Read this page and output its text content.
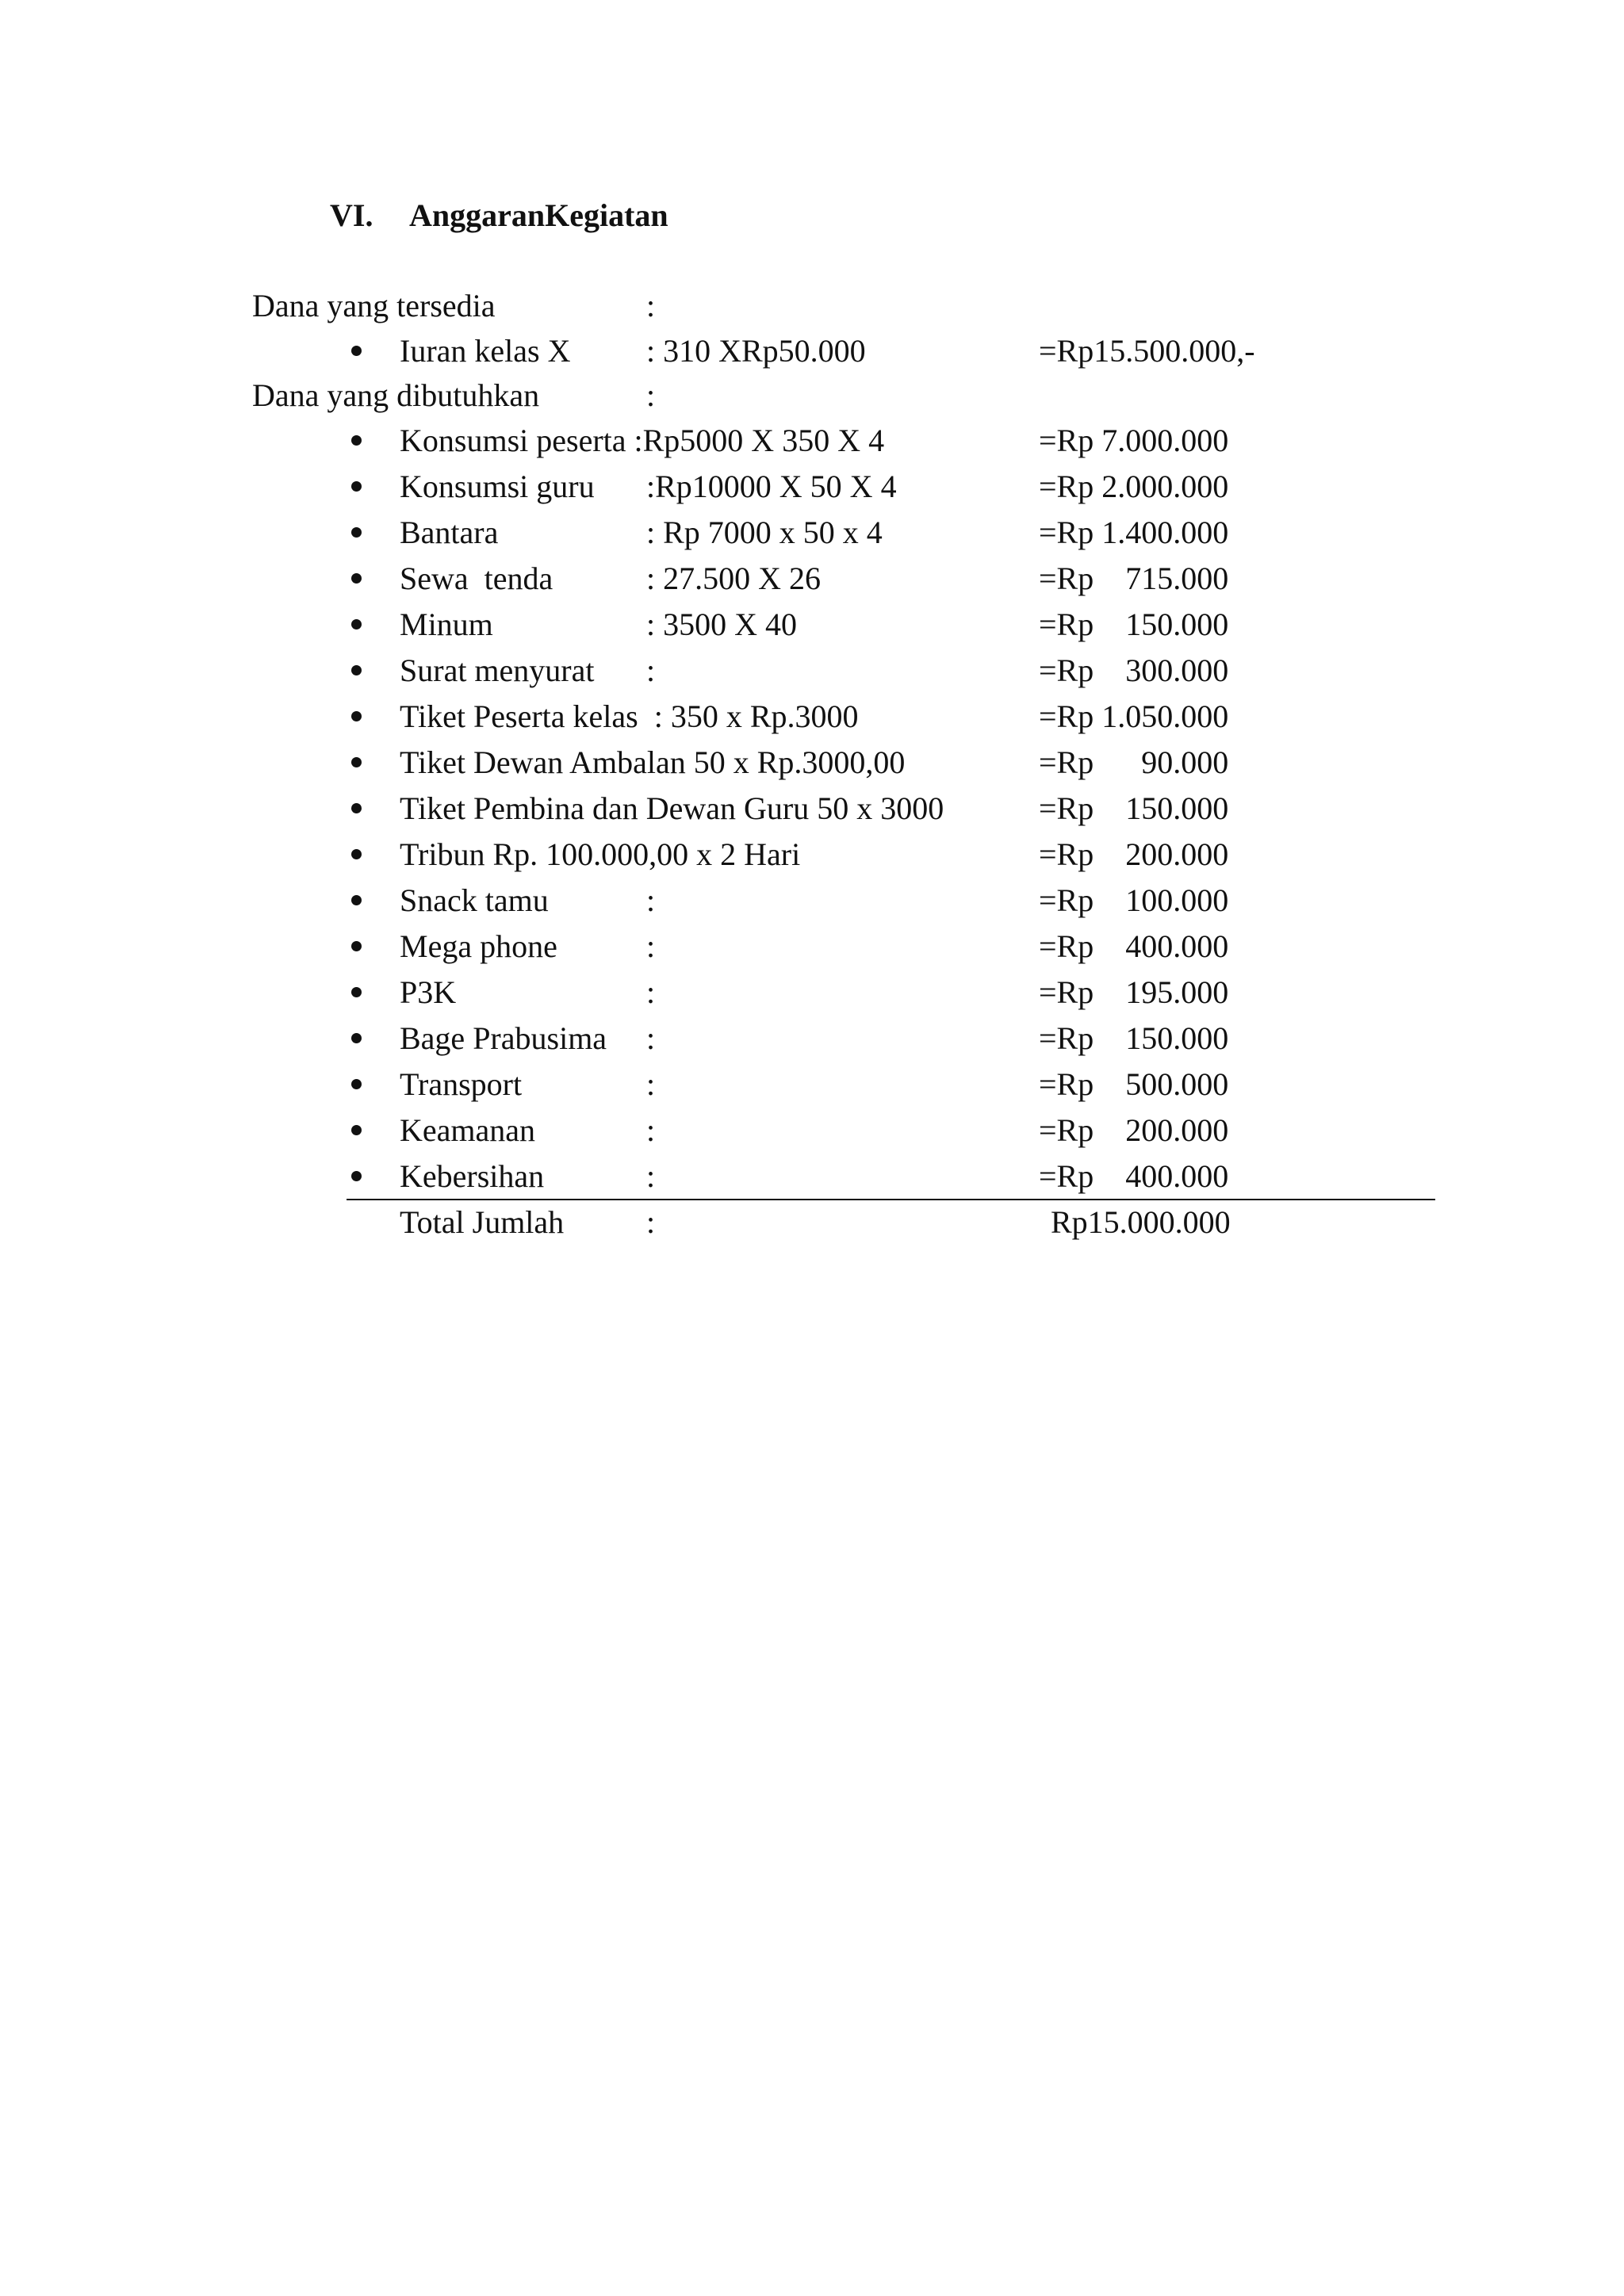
VI. AnggaranKegiatan
Dana yang tersedia	:
Iuran kelas X : 310 XRp50.000	=Rp15.500.000,-
Dana yang dibutuhkan	:
Konsumsi peserta :Rp5000 X 350 X 4	=Rp 7.000.000
Konsumsi guru :Rp10000 X 50 X 4	=Rp 2.000.000
Bantara	: Rp 7000 x 50 x 4	=Rp 1.400.000
Sewa  tenda	: 27.500 X 26	=Rp    715.000
Minum	: 3500 X 40	=Rp    150.000
Surat menyurat :	=Rp    300.000
Tiket Peserta kelas  : 350 x Rp.3000	=Rp 1.050.000
Tiket Dewan Ambalan 50 x Rp.3000,00	=Rp      90.000
Tiket Pembina dan Dewan Guru 50 x 3000	=Rp    150.000
Tribun Rp. 100.000,00 x 2 Hari	=Rp    200.000
Snack tamu	:	=Rp    100.000
Mega phone	:	=Rp    400.000
P3K	:	=Rp    195.000
Bage Prabusima :	=Rp    150.000
Transport	:	=Rp    500.000
Keamanan	:	=Rp    200.000
Kebersihan	:	=Rp    400.000
Total Jumlah	:	Rp15.000.000
